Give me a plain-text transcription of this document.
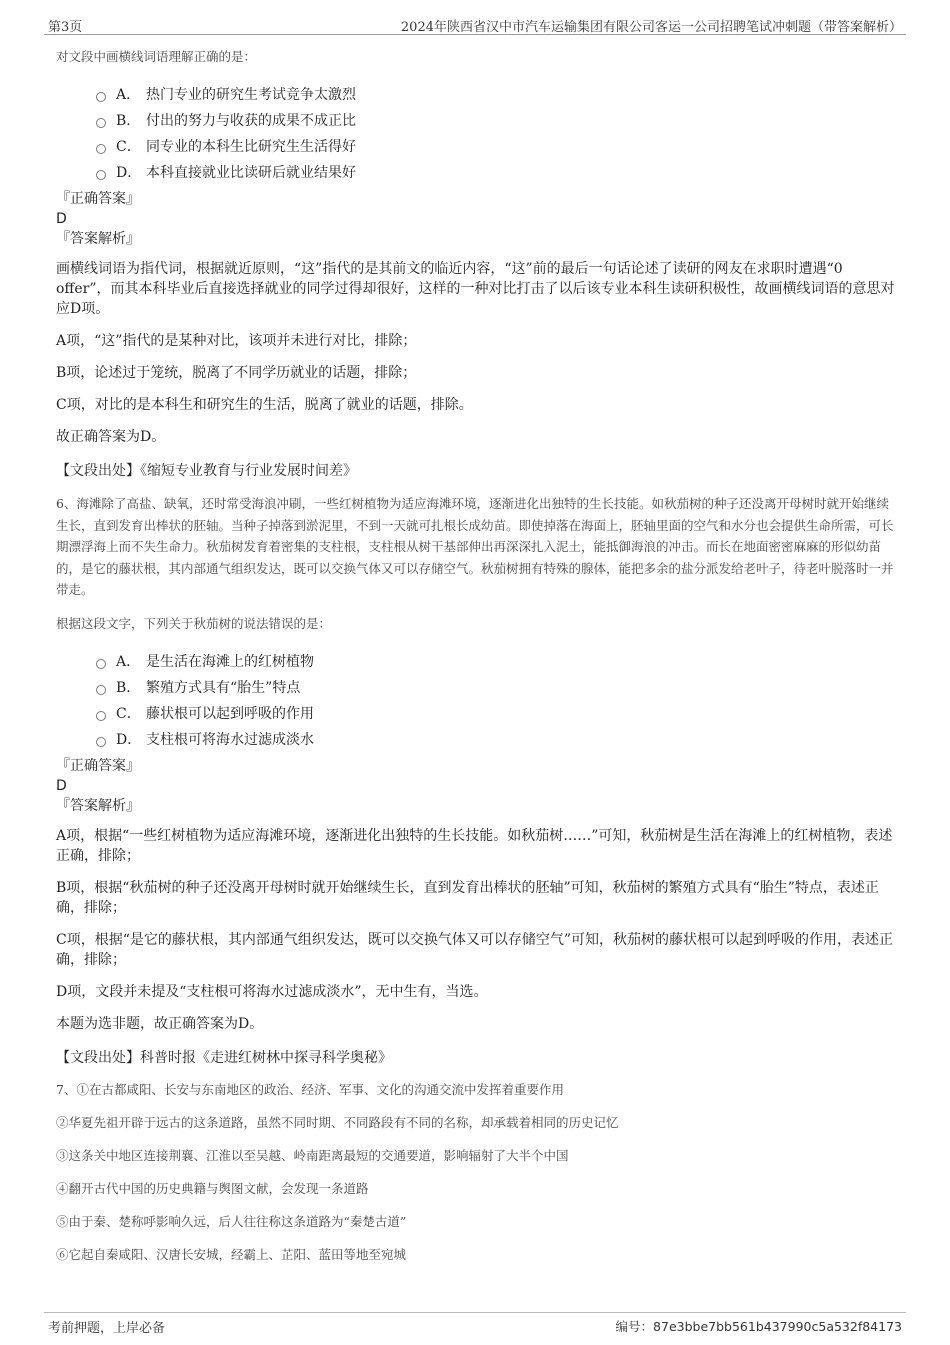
第3页	2024年陕西省汉中市汽车运输集团有限公司客运一公司招聘笔试冲刺题（带答案解析）

对文段中画横线词语理解正确的是：

A． 热门专业的研究生考试竞争太激烈
B． 付出的努力与收获的成果不成正比
C． 同专业的本科生比研究生生活得好
D． 本科直接就业比读研后就业结果好
『正确答案』
D
『答案解析』

画横线词语为指代词，根据就近原则，“这”指代的是其前文的临近内容，“这”前的最后一句话论述了读研的网友在求职时遭遇“0 offer”，而其本科毕业后直接选择就业的同学过得却很好，这样的一种对比打击了以后该专业本科生读研积极性，故画横线词语的意思对应D项。

A项，“这”指代的是某种对比，该项并未进行对比，排除；

B项，论述过于笼统，脱离了不同学历就业的话题，排除；

C项，对比的是本科生和研究生的生活，脱离了就业的话题，排除。

故正确答案为D。

【文段出处】《缩短专业教育与行业发展时间差》

6、海滩除了高盐、缺氧，还时常受海浪冲刷，一些红树植物为适应海滩环境，逐渐进化出独特的生长技能。如秋茄树的种子还没离开母树时就开始继续生长，直到发育出棒状的胚轴。当种子掉落到淤泥里，不到一天就可扎根长成幼苗。即使掉落在海面上，胚轴里面的空气和水分也会提供生命所需，可长期漂浮海上而不失生命力。秋茄树发育着密集的支柱根，支柱根从树干基部伸出再深深扎入泥土，能抵御海浪的冲击。而长在地面密密麻麻的形似幼苗的，是它的藤状根，其内部通气组织发达，既可以交换气体又可以存储空气。秋茄树拥有特殊的腺体，能把多余的盐分派发给老叶子，待老叶脱落时一并带走。

根据这段文字，下列关于秋茄树的说法错误的是：

A． 是生活在海滩上的红树植物
B． 繁殖方式具有“胎生”特点
C． 藤状根可以起到呼吸的作用
D． 支柱根可将海水过滤成淡水
『正确答案』
D
『答案解析』

A项，根据“一些红树植物为适应海滩环境，逐渐进化出独特的生长技能。如秋茄树……”可知，秋茄树是生活在海滩上的红树植物，表述正确，排除；

B项，根据“秋茄树的种子还没离开母树时就开始继续生长，直到发育出棒状的胚轴”可知，秋茄树的繁殖方式具有“胎生”特点，表述正确，排除；

C项，根据“是它的藤状根，其内部通气组织发达，既可以交换气体又可以存储空气”可知，秋茄树的藤状根可以起到呼吸的作用，表述正确，排除；

D项，文段并未提及“支柱根可将海水过滤成淡水”，无中生有，当选。

本题为选非题，故正确答案为D。

【文段出处】科普时报《走进红树林中探寻科学奥秘》

7、①在古都咸阳、长安与东南地区的政治、经济、军事、文化的沟通交流中发挥着重要作用

②华夏先祖开辟于远古的这条道路，虽然不同时期、不同路段有不同的名称，却承载着相同的历史记忆

③这条关中地区连接荆襄、江淮以至吴越、岭南距离最短的交通要道，影响辐射了大半个中国

④翻开古代中国的历史典籍与舆图文献，会发现一条道路

⑤由于秦、楚称呼影响久远，后人往往称这条道路为“秦楚古道”

⑥它起自秦咸阳、汉唐长安城，经霸上、芷阳、蓝田等地至宛城

考前押题，上岸必备	编号：87e3bbe7bb561b437990c5a532f84173
